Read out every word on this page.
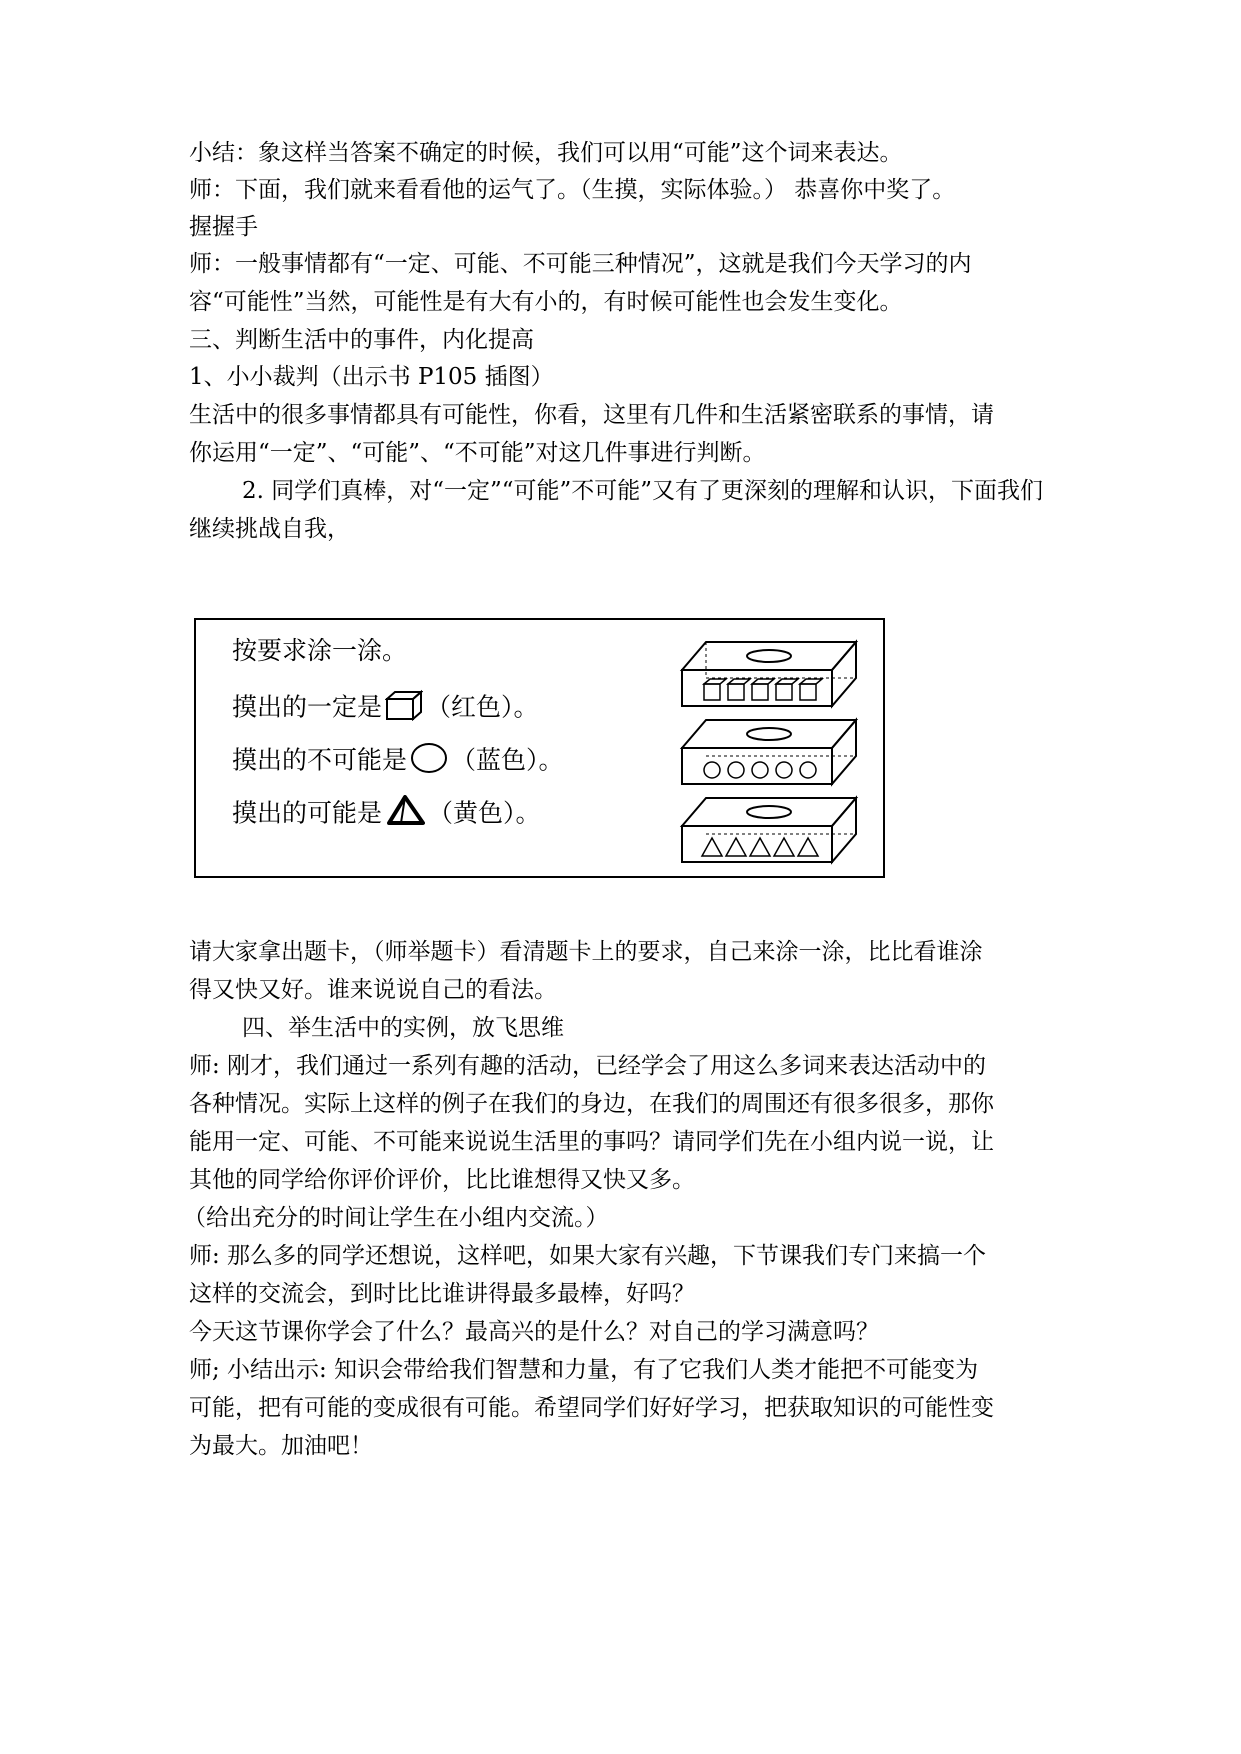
小结：象这样当答案不确定的时候，我们可以用“可能”这个词来表达。
师：下面，我们就来看看他的运气了。（生摸，实际体验。） 恭喜你中奖了。
握握手
师：一般事情都有“一定、可能、不可能三种情况”，这就是我们今天学习的内
容“可能性”当然，可能性是有大有小的，有时候可能性也会发生变化。
三、判断生活中的事件，内化提高
1、小小裁判（出示书 P105 插图）
生活中的很多事情都具有可能性，你看，这里有几件和生活紧密联系的事情，请
你运用“一定”、“可能”、“不可能”对这几件事进行判断。
2. 同学们真棒，对“一定”“可能”不可能”又有了更深刻的理解和认识，下面我们
继续挑战自我，
按要求涂一涂。
摸出的一定是 （红色）。
摸出的不可能是 （蓝色）。
摸出的可能是 （黄色）。
请大家拿出题卡，（师举题卡）看清题卡上的要求，自己来涂一涂，比比看谁涂
得又快又好。谁来说说自己的看法。
四、举生活中的实例，放飞思维
师: 刚才，我们通过一系列有趣的活动，已经学会了用这么多词来表达活动中的
各种情况。实际上这样的例子在我们的身边，在我们的周围还有很多很多，那你
能用一定、可能、不可能来说说生活里的事吗？请同学们先在小组内说一说，让
其他的同学给你评价评价，比比谁想得又快又多。
（给出充分的时间让学生在小组内交流。）
师: 那么多的同学还想说，这样吧，如果大家有兴趣，下节课我们专门来搞一个
这样的交流会，到时比比谁讲得最多最棒，好吗？
今天这节课你学会了什么？最高兴的是什么？对自己的学习满意吗？
师; 小结出示: 知识会带给我们智慧和力量，有了它我们人类才能把不可能变为
可能，把有可能的变成很有可能。希望同学们好好学习，把获取知识的可能性变
为最大。加油吧！
